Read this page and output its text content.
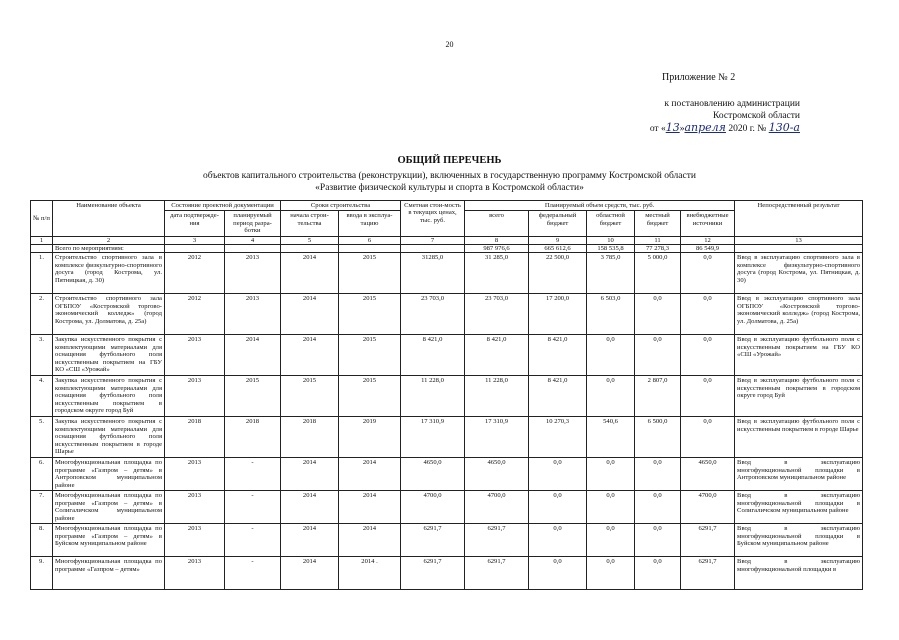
20
Приложение № 2
к постановлению администрации
Костромской области
от «13»апреля 2020 г. № 130-а
ОБЩИЙ ПЕРЕЧЕНЬ
объектов капитального строительства (реконструкции), включенных в государственную программу Костромской области
«Развитие физической культуры и спорта в Костромской области»
№ п/п	Наименование объекта	Состояние проектной документации		Сроки строительства		Сметная стои-мость в текущих ценах, тыс. руб.	Планируемый объем средств, тыс. руб.					Непосредственный результат
		дата подтвержде-ния	планируемый период разра-ботки	начала строи-тельства	ввода в эксплуа-тацию		всего	федеральный бюджет	областной бюджет	местный бюджет	внебюджетные источники	
1	2	3	4	5	6	7	8	9	10	11	12	13
	Всего по мероприятиям:						987 976,6	665 612,6	158 535,8	77 278,3	86 549,9	
1.	Строительство спортивного зала в комплексе физкультурно-спортивного досуга (город Кострома, ул. Пятницкая, д. 30)	2012	2013	2014	2015	31285,0	31 285,0	22 500,0	3 785,0	5 000,0	0,0	Ввод в эксплуатацию спортивного зала в комплексе физкультурно-спортивного досуга (город Кострома, ул. Пятницкая, д. 30)
2.	Строительство спортивного зала ОГБПОУ «Костромской торгово-экономический колледж» (город Кострома, ул. Долматова, д. 25а)	2012	2013	2014	2015	23 703,0	23 703,0	17 200,0	6 503,0	0,0	0,0	Ввод в эксплуатацию спортивного зала ОГБПОУ «Костромской торгово-экономический колледж» (город Кострома, ул. Долматова, д. 25а)
3.	Закупка искусственного покрытия с комплектующими материалами для оснащения футбольного поля искусственным покрытием на ГБУ КО «СШ «Урожай»	2013	2014	2014	2015	8 421,0	8 421,0	8 421,0	0,0	0,0	0,0	Ввод в эксплуатацию футбольного поля с искусственным покрытием на ГБУ КО «СШ «Урожай»
4.	Закупка искусственного покрытия с комплектующими материалами для оснащения футбольного поля искусственным покрытием в городском округе город Буй	2013	2015	2015	2015	11 228,0	11 228,0	8 421,0	0,0	2 807,0	0,0	Ввод в эксплуатацию футбольного поля с искусственным покрытием в городском округе город Буй
5.	Закупка искусственного покрытия с комплектующими материалами для оснащения футбольного поля искусственным покрытием в городе Шарье	2018	2018	2018	2019	17 310,9	17 310,9	10 270,3	540,6	6 500,0	0,0	Ввод в эксплуатацию футбольного поля с искусственным покрытием в городе Шарье
6.	Многофункциональная площадка по программе «Газпром – детям» в Антроповском муниципальном районе	2013	-	2014	2014	4650,0	4650,0	0,0	0,0	0,0	4650,0	Ввод в эксплуатацию многофункциональной площадки в Антроповском муниципальном районе
7.	Многофункциональная площадка по программе «Газпром – детям» в Солигаличском муниципальном районе	2013	-	2014	2014	4700,0	4700,0	0,0	0,0	0,0	4700,0	Ввод в эксплуатацию многофункциональной площадки в Солигаличском муниципальном районе
8.	Многофункциональная площадка по программе «Газпром – детям» в Буйском муниципальном районе	2013	-	2014	2014	6291,7	6291,7	0,0	0,0	0,0	6291,7	Ввод в эксплуатацию многофункциональной площадки в Буйском муниципальном районе
9.	Многофункциональная площадка по программе «Газпром – детям»	2013	-	2014	2014 .	6291,7	6291,7	0,0	0,0	0,0	6291,7	Ввод в эксплуатацию многофункциональной площадки в
